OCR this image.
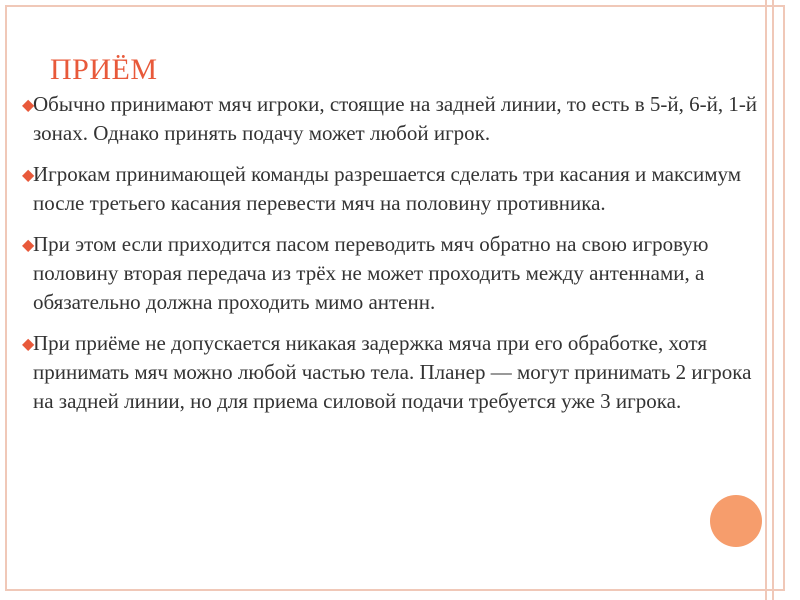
ПРИЁМ
◆
Обычно принимают мяч игроки, стоящие на задней линии, то есть в 5-й, 6-й, 1-й зонах. Однако принять подачу может любой игрок.
◆
Игрокам принимающей команды разрешается сделать три касания и максимум после третьего касания перевести мяч на половину противника.
◆
При этом если приходится пасом переводить мяч обратно на свою игровую половину вторая передача из трёх не может проходить между антеннами, а обязательно должна проходить мимо антенн.
◆
При приёме не допускается никакая задержка мяча при его обработке, хотя принимать мяч можно любой частью тела. Планер — могут принимать 2 игрока на задней линии, но для приема силовой подачи требуется уже 3 игрока.
